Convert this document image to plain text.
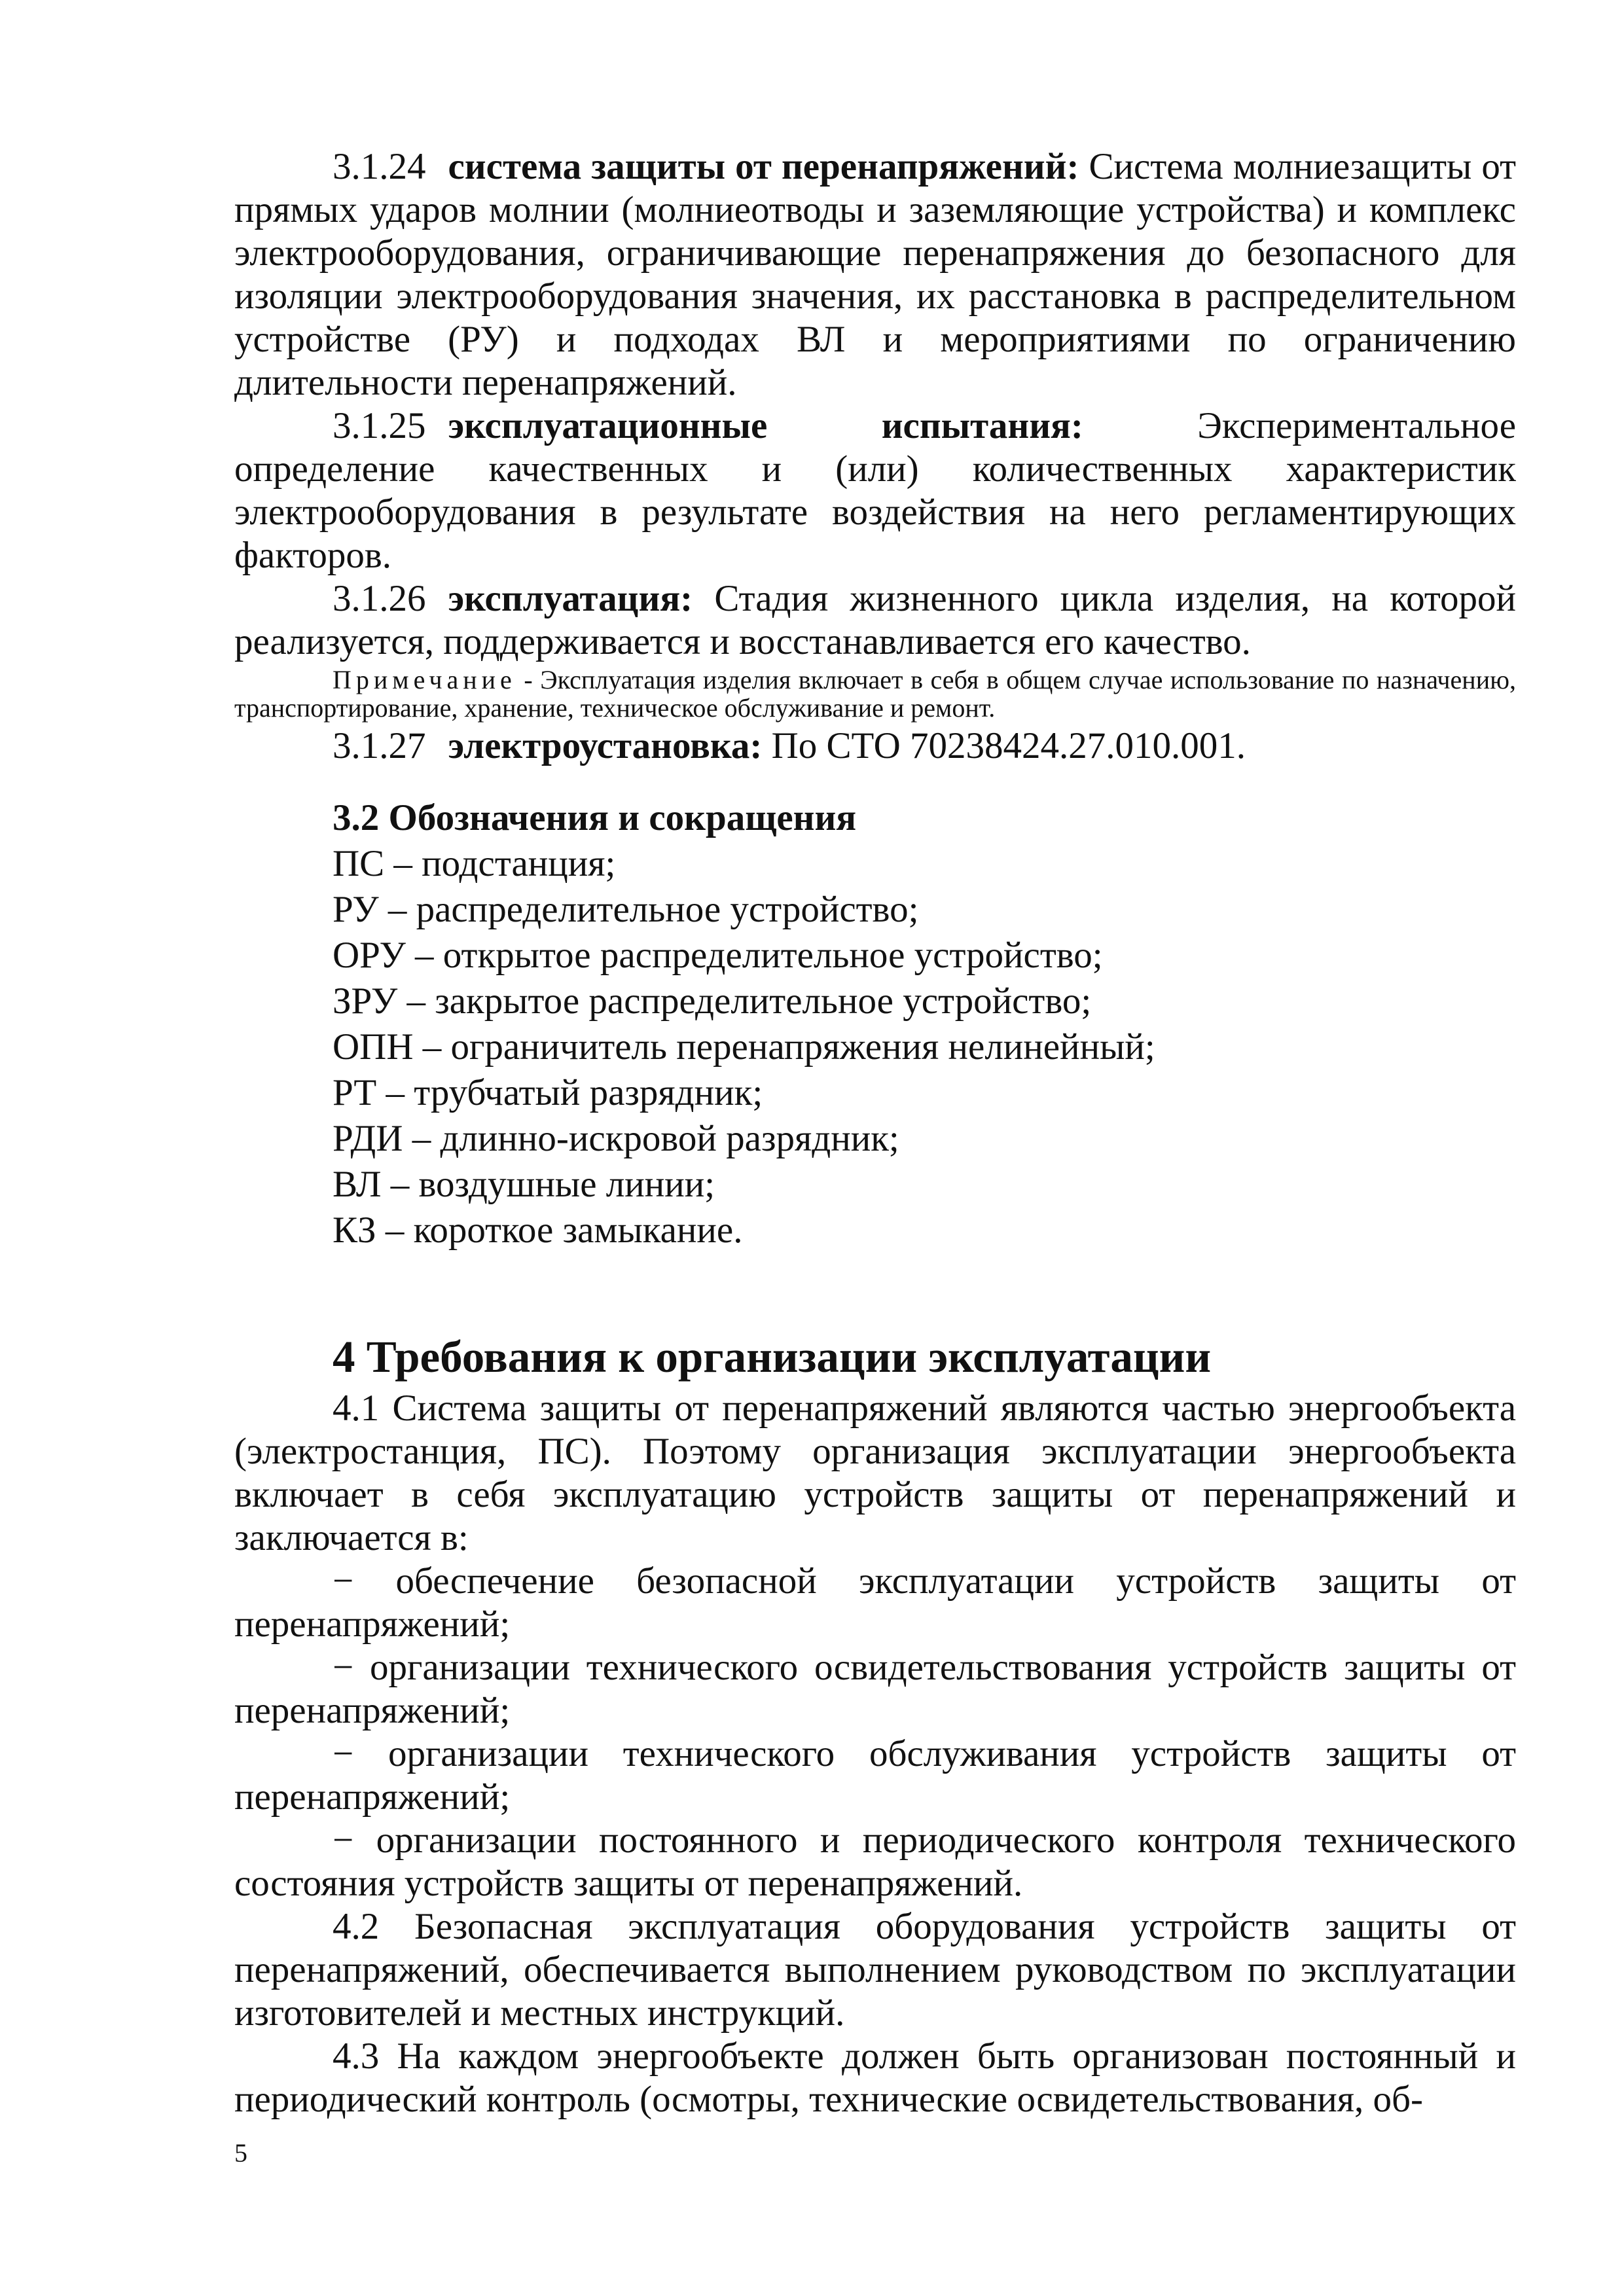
3.1.24 система защиты от перенапряжений: Система молниезащиты от прямых ударов молнии (молниеотводы и заземляющие устройства) и комплекс электрооборудования, ограничивающие перенапряжения до безопасного для изоляции электрооборудования значения, их расстановка в распределительном устройстве (РУ) и подходах ВЛ и мероприятиями по ограничению длительности перенапряжений.

3.1.25 эксплуатационные испытания: Экспериментальное определение качественных и (или) количественных характеристик электрооборудования в результате воздействия на него регламентирующих факторов.

3.1.26 эксплуатация: Стадия жизненного цикла изделия, на которой реализуется, поддерживается и восстанавливается его качество.

Примечание - Эксплуатация изделия включает в себя в общем случае использование по назначению, транспортирование, хранение, техническое обслуживание и ремонт.

3.1.27 электроустановка: По СТО 70238424.27.010.001.

3.2 Обозначения и сокращения
ПС – подстанция;
РУ – распределительное устройство;
ОРУ – открытое распределительное устройство;
ЗРУ – закрытое распределительное устройство;
ОПН – ограничитель перенапряжения нелинейный;
РТ – трубчатый разрядник;
РДИ – длинно-искровой разрядник;
ВЛ – воздушные линии;
КЗ – короткое замыкание.
4 Требования к организации эксплуатации

4.1 Система защиты от перенапряжений являются частью энергообъекта (электростанция, ПС). Поэтому организация эксплуатации энергообъекта включает в себя эксплуатацию устройств защиты от перенапряжений и заключается в:

− обеспечение безопасной эксплуатации устройств защиты от перенапряжений;

− организации технического освидетельствования устройств защиты от перенапряжений;

− организации технического обслуживания устройств защиты от перенапряжений;

− организации постоянного и периодического контроля технического состояния устройств защиты от перенапряжений.

4.2 Безопасная эксплуатация оборудования устройств защиты от перенапряжений, обеспечивается выполнением руководством по эксплуатации изготовителей и местных инструкций.

4.3 На каждом энергообъекте должен быть организован постоянный и периодический контроль (осмотры, технические освидетельствования, об-

5
